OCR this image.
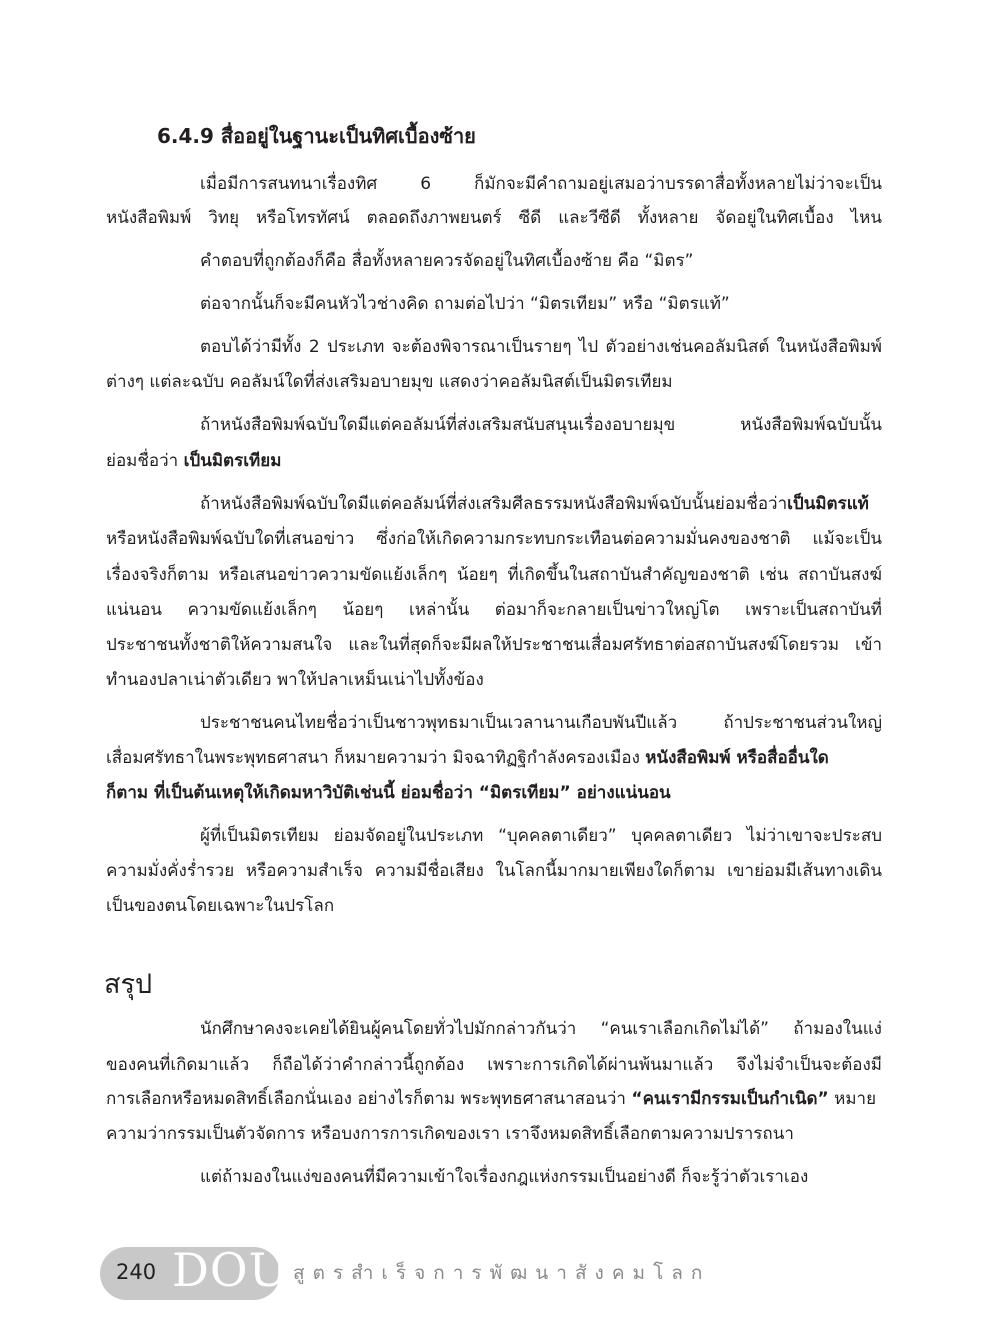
6.4.9 สื่ออยู่ในฐานะเป็นทิศเบื้องซ้าย
เมื่อมีการสนทนาเรื่องทิศ 6 ก็มักจะมีคำถามอยู่เสมอว่าบรรดาสื่อทั้งหลายไม่ว่าจะเป็น
หนังสือพิมพ์ วิทยุ หรือโทรทัศน์ ตลอดถึงภาพยนตร์ ซีดี และวีซีดี ทั้งหลาย จัดอยู่ในทิศเบื้อง ไหน
คำตอบที่ถูกต้องก็คือ สื่อทั้งหลายควรจัดอยู่ในทิศเบื้องซ้าย คือ “มิตร”
ต่อจากนั้นก็จะมีคนหัวไวช่างคิด ถามต่อไปว่า “มิตรเทียม” หรือ “มิตรแท้”
ตอบได้ว่ามีทั้ง 2 ประเภท จะต้องพิจารณาเป็นรายๆ ไป ตัวอย่างเช่นคอลัมนิสต์ ในหนังสือพิมพ์
ต่างๆ แต่ละฉบับ คอลัมน์ใดที่ส่งเสริมอบายมุข แสดงว่าคอลัมนิสต์เป็นมิตรเทียม
ถ้าหนังสือพิมพ์ฉบับใดมีแต่คอลัมน์ที่ส่งเสริมสนับสนุนเรื่องอบายมุข หนังสือพิมพ์ฉบับนั้น
ย่อมชื่อว่า เป็นมิตรเทียม
ถ้าหนังสือพิมพ์ฉบับใดมีแต่คอลัมน์ที่ส่งเสริมศีลธรรมหนังสือพิมพ์ฉบับนั้นย่อมชื่อว่าเป็นมิตรแท้
หรือหนังสือพิมพ์ฉบับใดที่เสนอข่าว ซึ่งก่อให้เกิดความกระทบกระเทือนต่อความมั่นคงของชาติ แม้จะเป็น
เรื่องจริงก็ตาม หรือเสนอข่าวความขัดแย้งเล็กๆ น้อยๆ ที่เกิดขึ้นในสถาบันสำคัญของชาติ เช่น สถาบันสงฆ์
แน่นอน ความขัดแย้งเล็กๆ น้อยๆ เหล่านั้น ต่อมาก็จะกลายเป็นข่าวใหญ่โต เพราะเป็นสถาบันที่
ประชาชนทั้งชาติให้ความสนใจ และในที่สุดก็จะมีผลให้ประชาชนเสื่อมศรัทธาต่อสถาบันสงฆ์โดยรวม เข้า
ทำนองปลาเน่าตัวเดียว พาให้ปลาเหม็นเน่าไปทั้งข้อง
ประชาชนคนไทยชื่อว่าเป็นชาวพุทธมาเป็นเวลานานเกือบพันปีแล้ว ถ้าประชาชนส่วนใหญ่
เสื่อมศรัทธาในพระพุทธศาสนา ก็หมายความว่า มิจฉาทิฏฐิกำลังครองเมือง หนังสือพิมพ์ หรือสื่ออื่นใด
ก็ตาม ที่เป็นต้นเหตุให้เกิดมหาวิบัติเช่นนี้ ย่อมชื่อว่า “มิตรเทียม” อย่างแน่นอน
ผู้ที่เป็นมิตรเทียม ย่อมจัดอยู่ในประเภท “บุคคลตาเดียว” บุคคลตาเดียว ไม่ว่าเขาจะประสบ
ความมั่งคั่งร่ำรวย หรือความสำเร็จ ความมีชื่อเสียง ในโลกนี้มากมายเพียงใดก็ตาม เขาย่อมมีเส้นทางเดิน
เป็นของตนโดยเฉพาะในปรโลก
สรุป
นักศึกษาคงจะเคยได้ยินผู้คนโดยทั่วไปมักกล่าวกันว่า “คนเราเลือกเกิดไม่ได้” ถ้ามองในแง่
ของคนที่เกิดมาแล้ว ก็ถือได้ว่าคำกล่าวนี้ถูกต้อง เพราะการเกิดได้ผ่านพ้นมาแล้ว จึงไม่จำเป็นจะต้องมี
การเลือกหรือหมดสิทธิ์เลือกนั่นเอง อย่างไรก็ตาม พระพุทธศาสนาสอนว่า “คนเรามีกรรมเป็นกำเนิด” หมาย
ความว่ากรรมเป็นตัวจัดการ หรือบงการการเกิดของเรา เราจึงหมดสิทธิ์เลือกตามความปรารถนา
แต่ถ้ามองในแง่ของคนที่มีความเข้าใจเรื่องกฎแห่งกรรมเป็นอย่างดี ก็จะรู้ว่าตัวเราเอง
240 DOU สูตรสำเร็จการพัฒนาสังคมโลก
